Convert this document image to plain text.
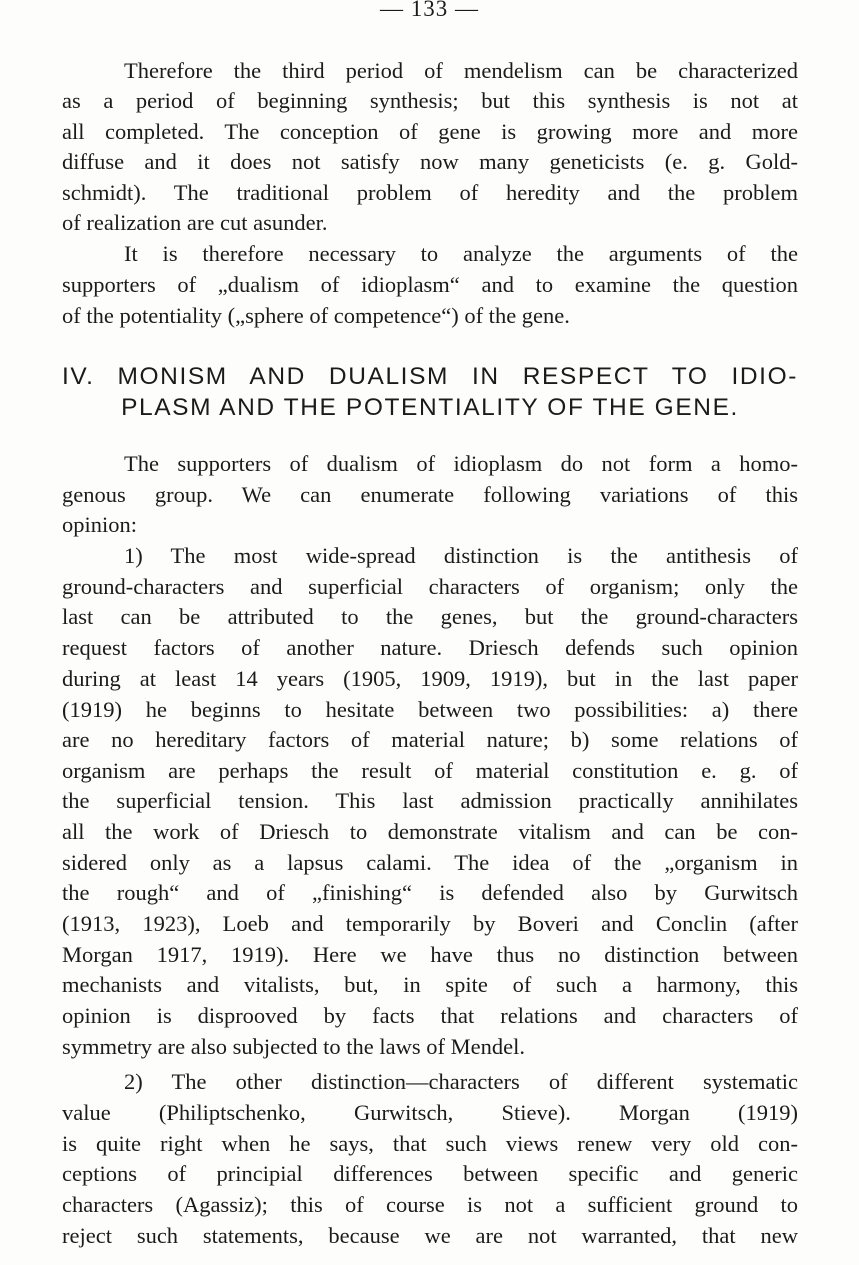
— 133 —
Therefore the third period of mendelism can be characterized
as a period of beginning synthesis; but this synthesis is not at
all completed. The conception of gene is growing more and more
diffuse and it does not satisfy now many geneticists (e. g. Gold-
schmidt). The traditional problem of heredity and the problem
of realization are cut asunder.
It is therefore necessary to analyze the arguments of the
supporters of „dualism of idioplasm“ and to examine the question
of the potentiality („sphere of competence“) of the gene.
IV. MONISM AND DUALISM IN RESPECT TO IDIO-
PLASM AND THE POTENTIALITY OF THE GENE.
The supporters of dualism of idioplasm do not form a homo-
genous group. We can enumerate following variations of this
opinion:
1) The most wide-spread distinction is the antithesis of
ground-characters and superficial characters of organism; only the
last can be attributed to the genes, but the ground-characters
request factors of another nature. Driesch defends such opinion
during at least 14 years (1905, 1909, 1919), but in the last paper
(1919) he beginns to hesitate between two possibilities: a) there
are no hereditary factors of material nature; b) some relations of
organism are perhaps the result of material constitution e. g. of
the superficial tension. This last admission practically annihilates
all the work of Driesch to demonstrate vitalism and can be con-
sidered only as a lapsus calami. The idea of the „organism in
the rough“ and of „finishing“ is defended also by Gurwitsch
(1913, 1923), Loeb and temporarily by Boveri and Conclin (after
Morgan 1917, 1919). Here we have thus no distinction between
mechanists and vitalists, but, in spite of such a harmony, this
opinion is disprooved by facts that relations and characters of
symmetry are also subjected to the laws of Mendel.
2) The other distinction—characters of different systematic
value (Philiptschenko, Gurwitsch, Stieve). Morgan (1919)
is quite right when he says, that such views renew very old con-
ceptions of principial differences between specific and generic
characters (Agassiz); this of course is not a sufficient ground to
reject such statements, because we are not warranted, that new
